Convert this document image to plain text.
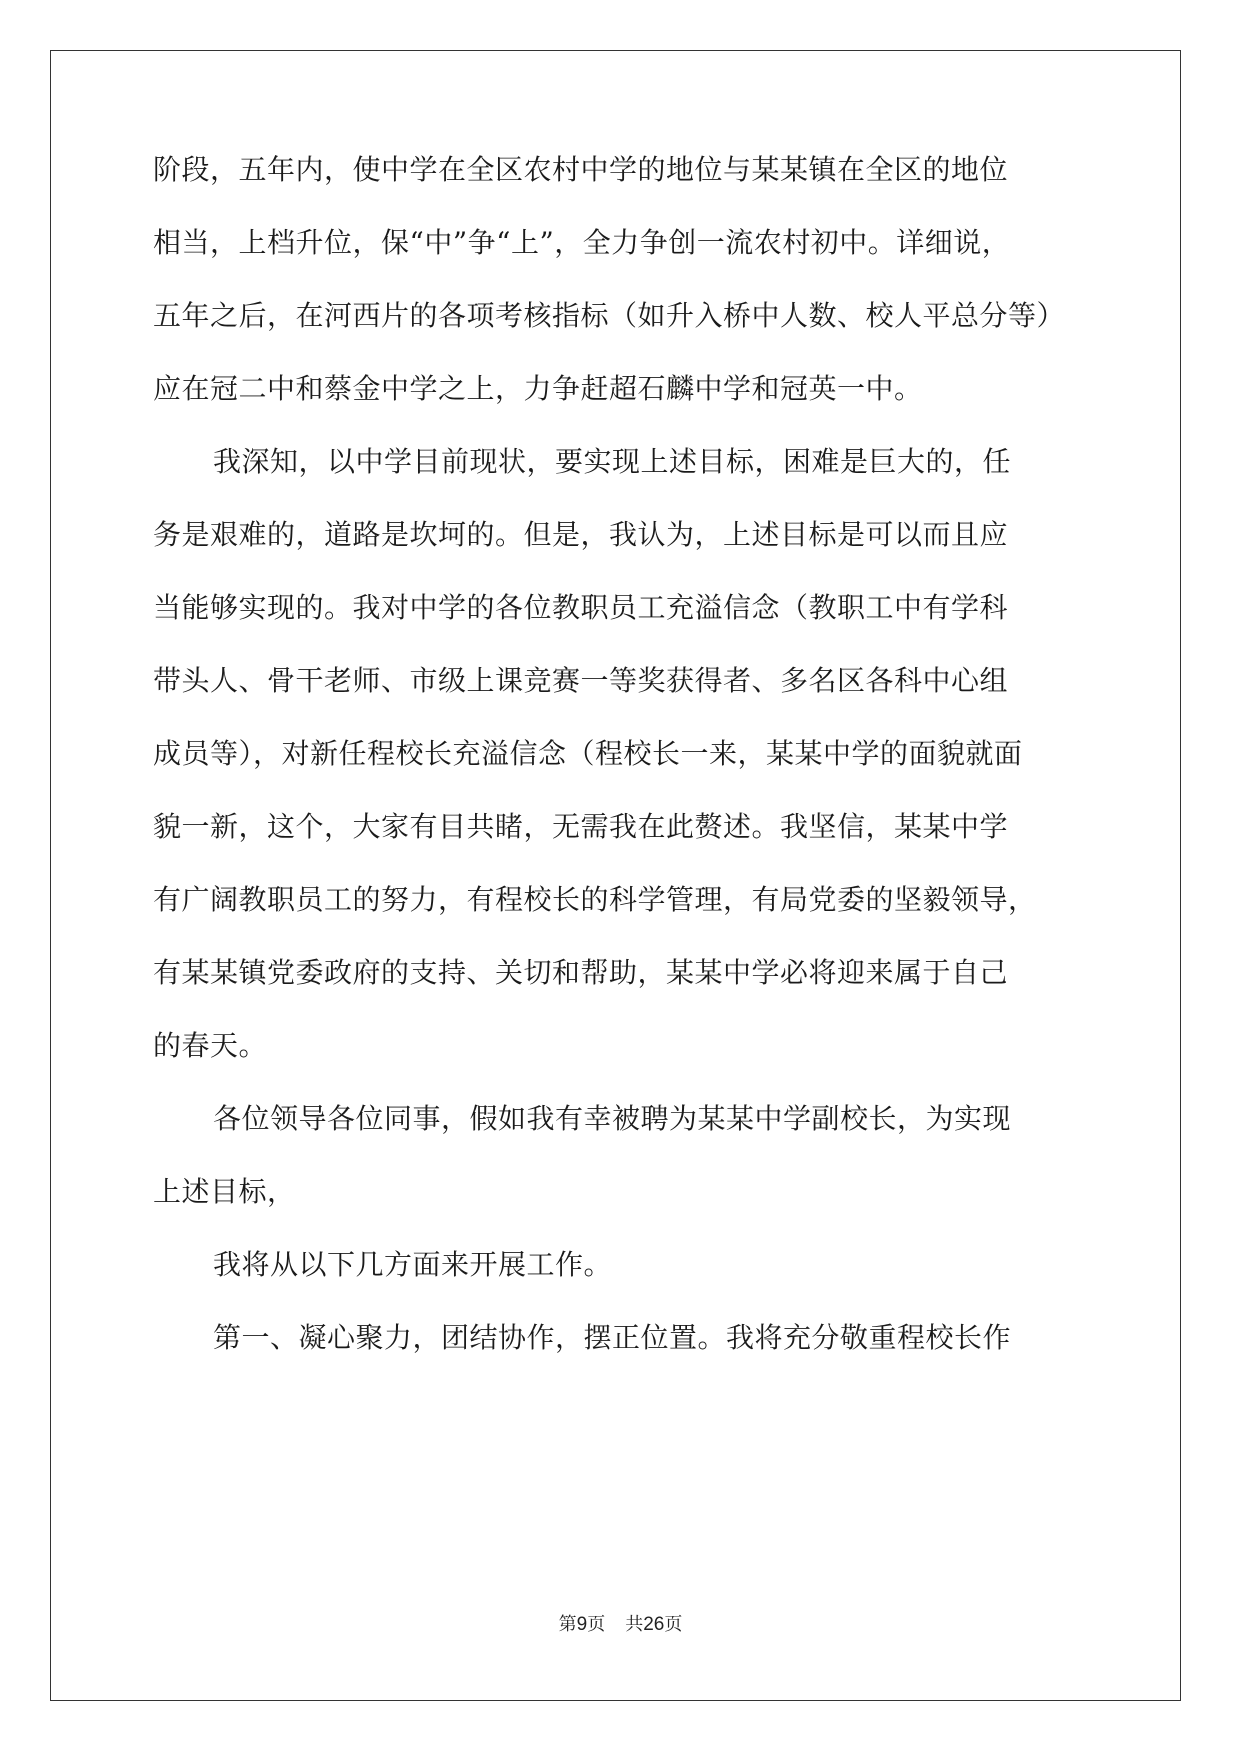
阶段，五年内，使中学在全区农村中学的地位与某某镇在全区的地位
相当，上档升位，保“中”争“上”，全力争创一流农村初中。详细说，
五年之后，在河西片的各项考核指标（如升入桥中人数、校人平总分等）
应在冠二中和蔡金中学之上，力争赶超石麟中学和冠英一中。
我深知，以中学目前现状，要实现上述目标，困难是巨大的，任
务是艰难的，道路是坎坷的。但是，我认为，上述目标是可以而且应
当能够实现的。我对中学的各位教职员工充溢信念（教职工中有学科
带头人、骨干老师、市级上课竞赛一等奖获得者、多名区各科中心组
成员等），对新任程校长充溢信念（程校长一来，某某中学的面貌就面
貌一新，这个，大家有目共睹，无需我在此赘述。我坚信，某某中学
有广阔教职员工的努力，有程校长的科学管理，有局党委的坚毅领导，
有某某镇党委政府的支持、关切和帮助，某某中学必将迎来属于自己
的春天。
各位领导各位同事，假如我有幸被聘为某某中学副校长，为实现
上述目标，
我将从以下几方面来开展工作。
第一、凝心聚力，团结协作，摆正位置。我将充分敬重程校长作
第9页 共26页
